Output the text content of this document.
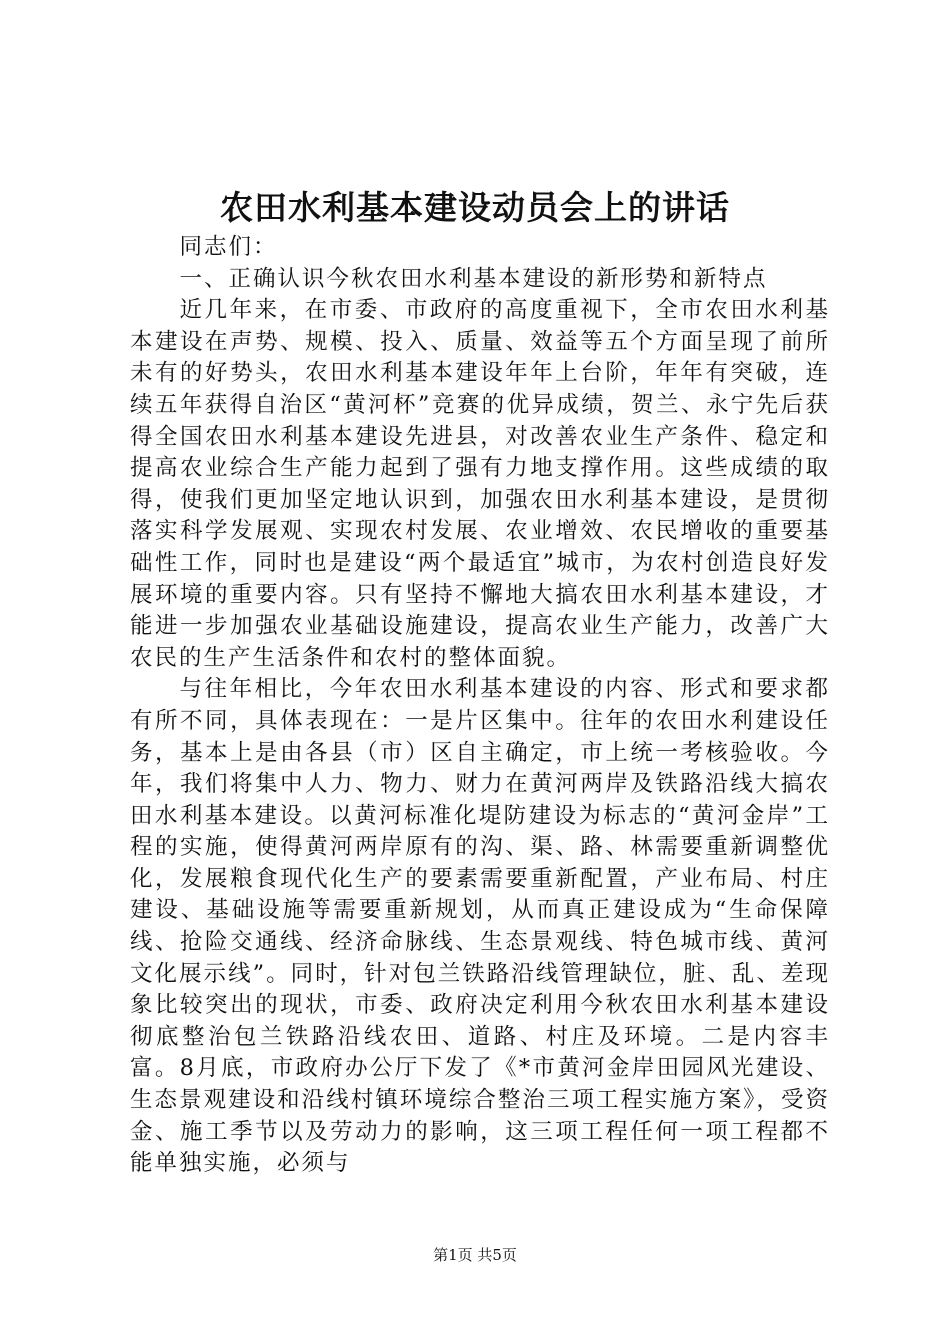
农田水利基本建设动员会上的讲话

同志们：

一、正确认识今秋农田水利基本建设的新形势和新特点

近几年来，在市委、市政府的高度重视下，全市农田水利基本建设在声势、规模、投入、质量、效益等五个方面呈现了前所未有的好势头，农田水利基本建设年年上台阶，年年有突破，连续五年获得自治区“黄河杯”竞赛的优异成绩，贺兰、永宁先后获得全国农田水利基本建设先进县，对改善农业生产条件、稳定和提高农业综合生产能力起到了强有力地支撑作用。这些成绩的取得，使我们更加坚定地认识到，加强农田水利基本建设，是贯彻落实科学发展观、实现农村发展、农业增效、农民增收的重要基础性工作，同时也是建设“两个最适宜”城市，为农村创造良好发展环境的重要内容。只有坚持不懈地大搞农田水利基本建设，才能进一步加强农业基础设施建设，提高农业生产能力，改善广大农民的生产生活条件和农村的整体面貌。

与往年相比，今年农田水利基本建设的内容、形式和要求都有所不同，具体表现在：一是片区集中。往年的农田水利建设任务，基本上是由各县（市）区自主确定，市上统一考核验收。今年，我们将集中人力、物力、财力在黄河两岸及铁路沿线大搞农田水利基本建设。以黄河标准化堤防建设为标志的“黄河金岸”工程的实施，使得黄河两岸原有的沟、渠、路、林需要重新调整优化，发展粮食现代化生产的要素需要重新配置，产业布局、村庄建设、基础设施等需要重新规划，从而真正建设成为“生命保障线、抢险交通线、经济命脉线、生态景观线、特色城市线、黄河文化展示线”。同时，针对包兰铁路沿线管理缺位，脏、乱、差现象比较突出的现状，市委、政府决定利用今秋农田水利基本建设彻底整治包兰铁路沿线农田、道路、村庄及环境。二是内容丰富。8月底，市政府办公厅下发了《*市黄河金岸田园风光建设、生态景观建设和沿线村镇环境综合整治三项工程实施方案》，受资金、施工季节以及劳动力的影响，这三项工程任何一项工程都不能单独实施，必须与

第1页 共5页
